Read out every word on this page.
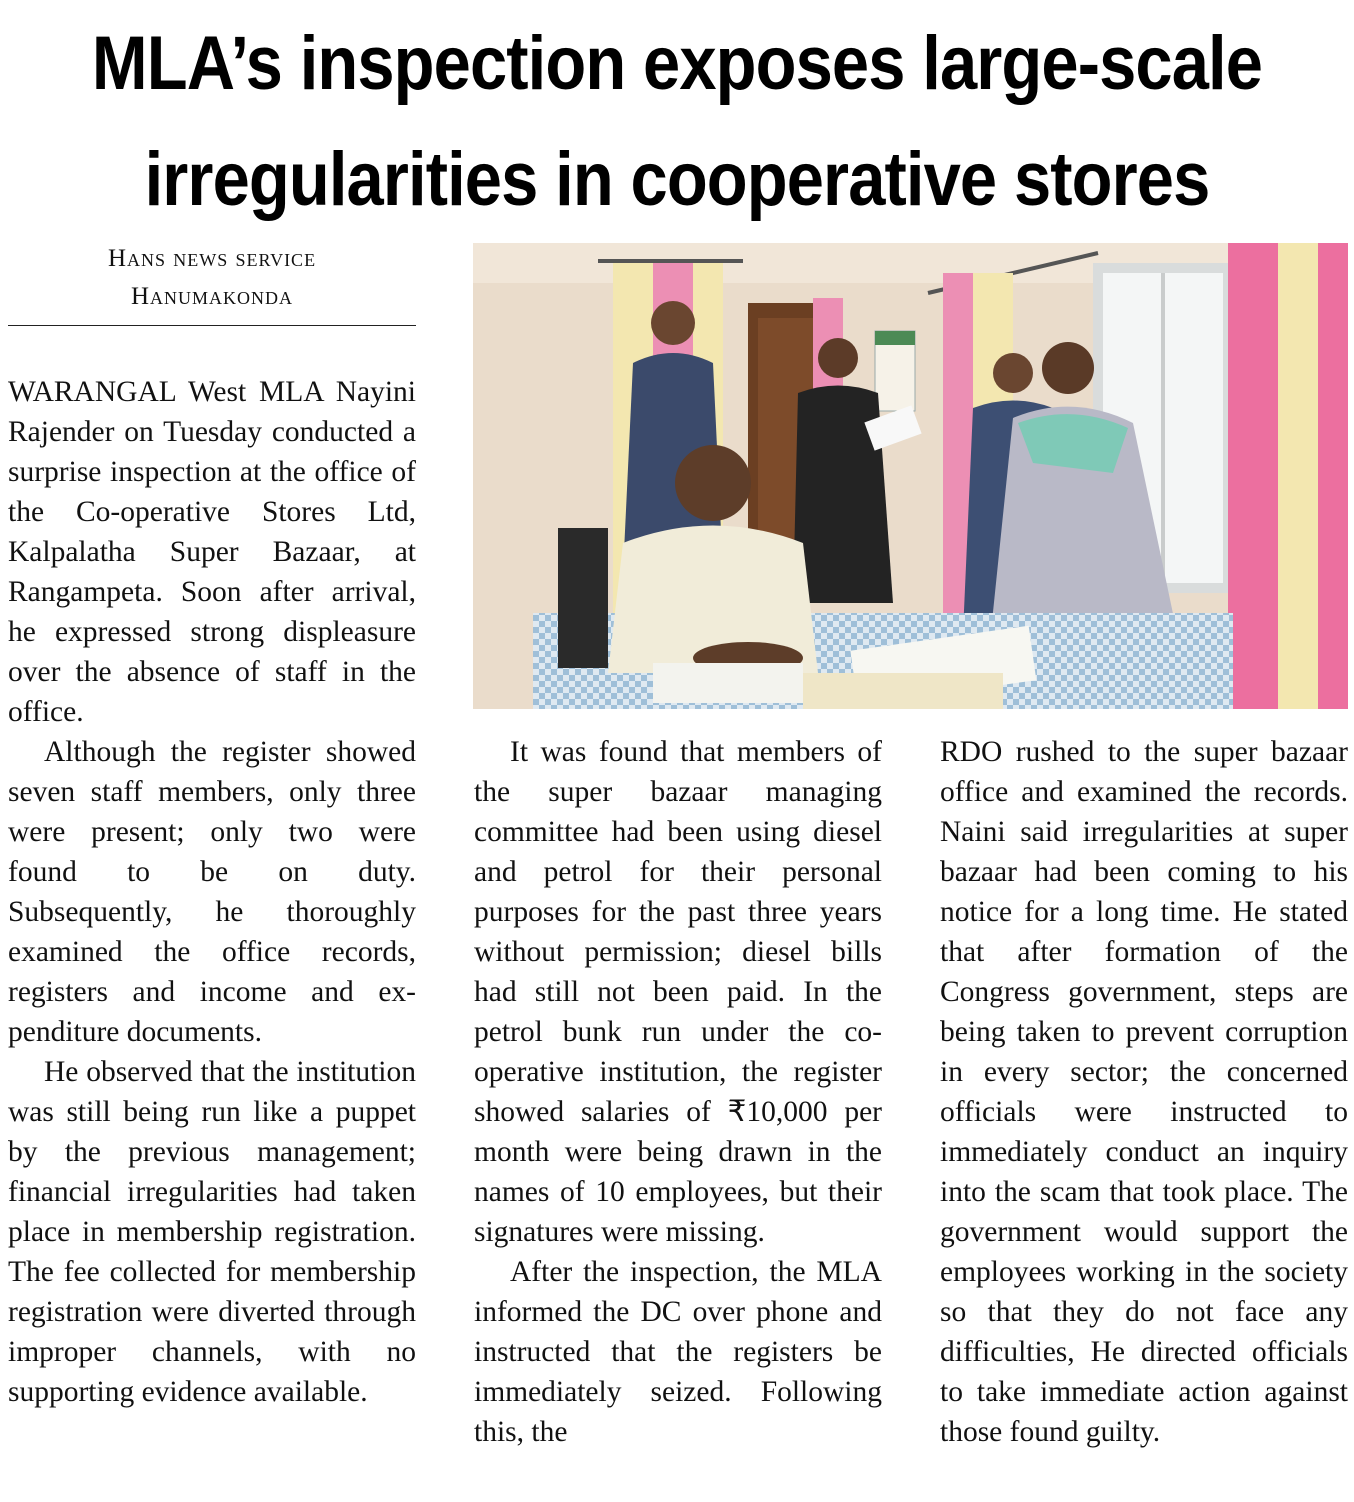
MLA’s inspection exposes large-scale
irregularities in cooperative stores
Hans news service
Hanumakonda

WARANGAL West MLA Nayini Rajender on Tuesday conducted a surprise inspection at the office of the Co-operative Stores Ltd, Kalpalatha Super Bazaar, at Rangampeta. Soon after arrival, he expressed strong displeasure over the absence of staff in the office.

Although the register showed seven staff members, only three were present; only two were found to be on duty. Subsequently, he thoroughly examined the office records, registers and income and expenditure documents.

He observed that the institution was still being run like a puppet by the previous management; financial irregularities had taken place in membership registration. The fee collected for membership registration were diverted through improper channels, with no supporting evidence available.

It was found that members of the super bazaar managing committee had been using diesel and petrol for their personal purposes for the past three years without permission; diesel bills had still not been paid. In the petrol bunk run under the co-operative institution, the register showed salaries of ₹10,000 per month were being drawn in the names of 10 employees, but their signatures were missing.

After the inspection, the MLA informed the DC over phone and instructed that the registers be immediately seized. Following this, the

RDO rushed to the super bazaar office and examined the records. Naini said irregularities at super bazaar had been coming to his notice for a long time. He stated that after formation of the Congress government, steps are being taken to prevent corruption in every sector; the concerned officials were instructed to immediately conduct an inquiry into the scam that took place. The government would support the employees working in the society so that they do not face any difficulties, He directed officials to take immediate action against those found guilty.
